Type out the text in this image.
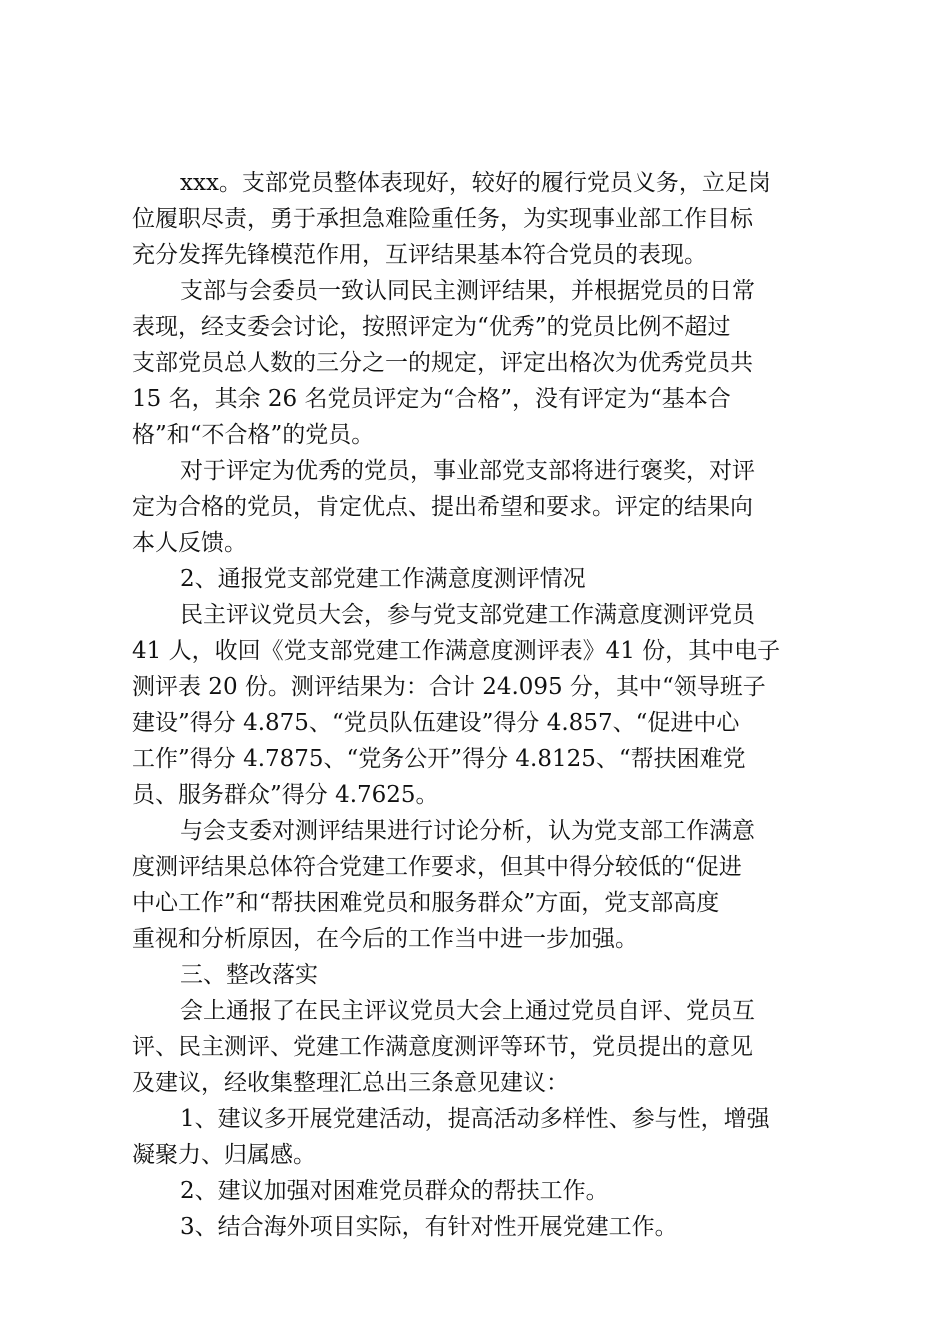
xxx。支部党员整体表现好，较好的履行党员义务，立足岗
位履职尽责，勇于承担急难险重任务，为实现事业部工作目标
充分发挥先锋模范作用，互评结果基本符合党员的表现。
支部与会委员一致认同民主测评结果，并根据党员的日常
表现，经支委会讨论，按照评定为“优秀”的党员比例不超过
支部党员总人数的三分之一的规定，评定出格次为优秀党员共
15 名，其余 26 名党员评定为“合格”，没有评定为“基本合
格”和“不合格”的党员。
对于评定为优秀的党员，事业部党支部将进行褒奖，对评
定为合格的党员，肯定优点、提出希望和要求。评定的结果向
本人反馈。
2、通报党支部党建工作满意度测评情况
民主评议党员大会，参与党支部党建工作满意度测评党员
41 人，收回《党支部党建工作满意度测评表》41 份，其中电子
测评表 20 份。测评结果为：合计 24.095 分，其中“领导班子
建设”得分 4.875、“党员队伍建设”得分 4.857、“促进中心
工作”得分 4.7875、“党务公开”得分 4.8125、“帮扶困难党
员、服务群众”得分 4.7625。
与会支委对测评结果进行讨论分析，认为党支部工作满意
度测评结果总体符合党建工作要求，但其中得分较低的“促进
中心工作”和“帮扶困难党员和服务群众”方面，党支部高度
重视和分析原因，在今后的工作当中进一步加强。
三、整改落实
会上通报了在民主评议党员大会上通过党员自评、党员互
评、民主测评、党建工作满意度测评等环节，党员提出的意见
及建议，经收集整理汇总出三条意见建议：
1、建议多开展党建活动，提高活动多样性、参与性，增强
凝聚力、归属感。
2、建议加强对困难党员群众的帮扶工作。
3、结合海外项目实际，有针对性开展党建工作。
